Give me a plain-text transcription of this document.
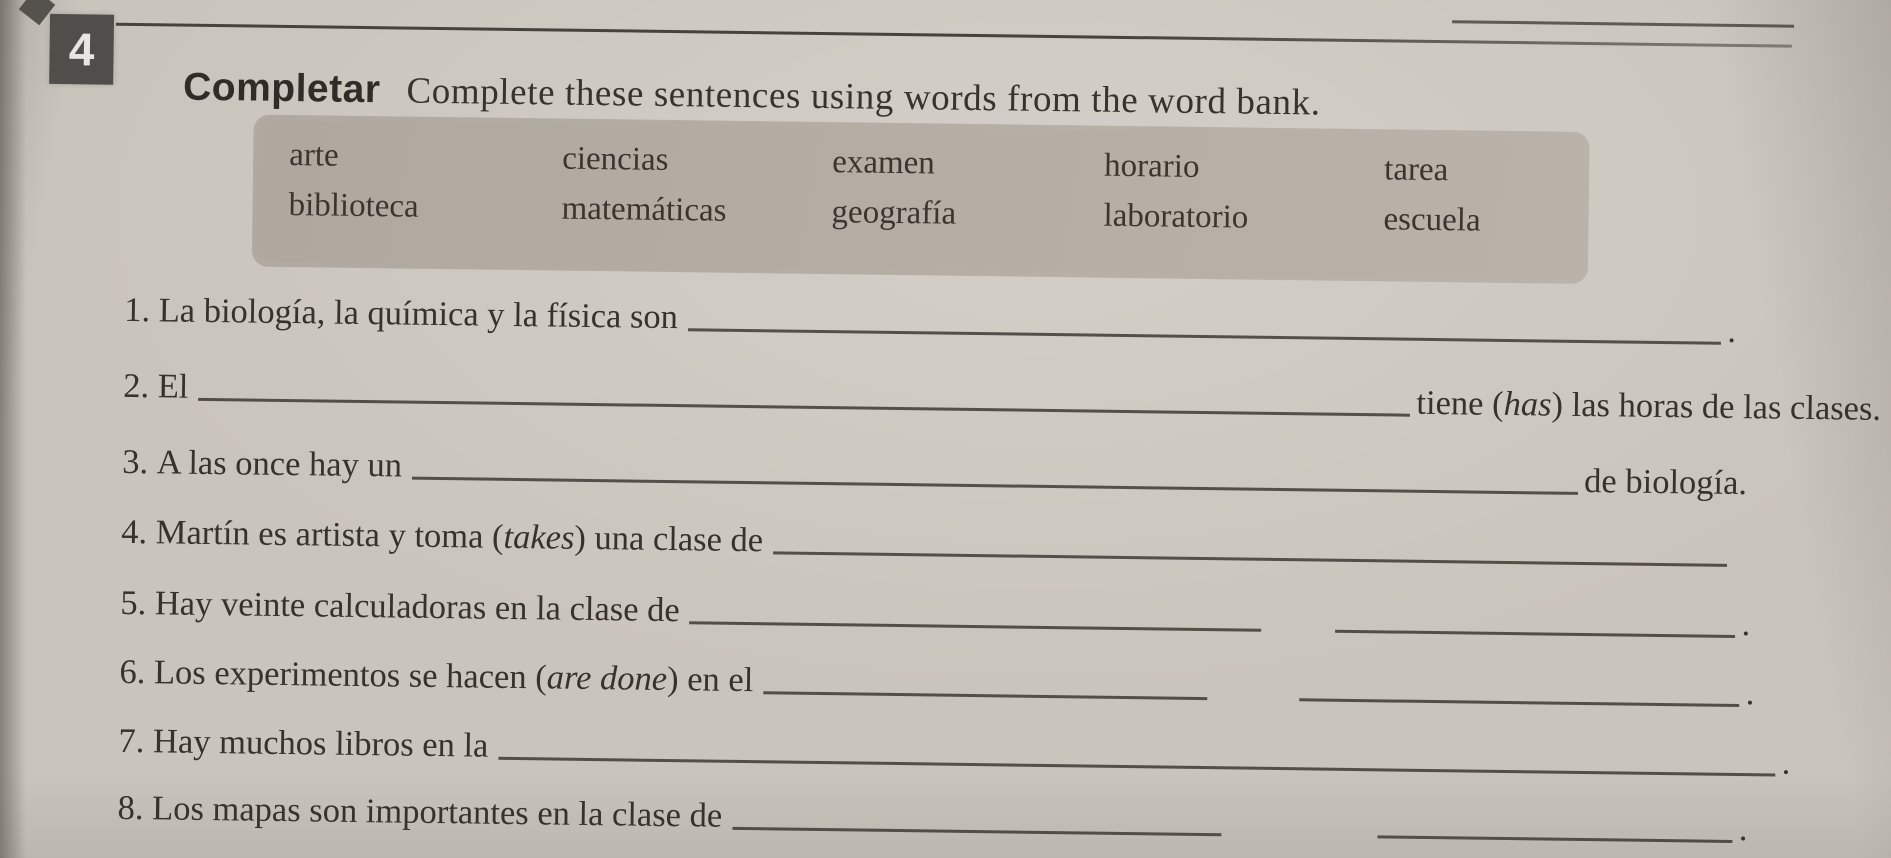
4

Completar Complete these sentences using words from the word bank.

arte	ciencias	examen	horario	tarea
biblioteca	matemáticas	geografía	laboratorio	escuela
1.
La biología, la química y la física son	.
2.
El	tiene ( has ) las horas de las clases.
3.
A las once hay un	de biología.
4.
Martín es artista y toma ( takes ) una clase de
5.
Hay veinte calculadoras en la clase de	.
6.
Los experimentos se hacen ( are done ) en el	.
7.
Hay muchos libros en la	.
8.
Los mapas son importantes en la clase de	.
